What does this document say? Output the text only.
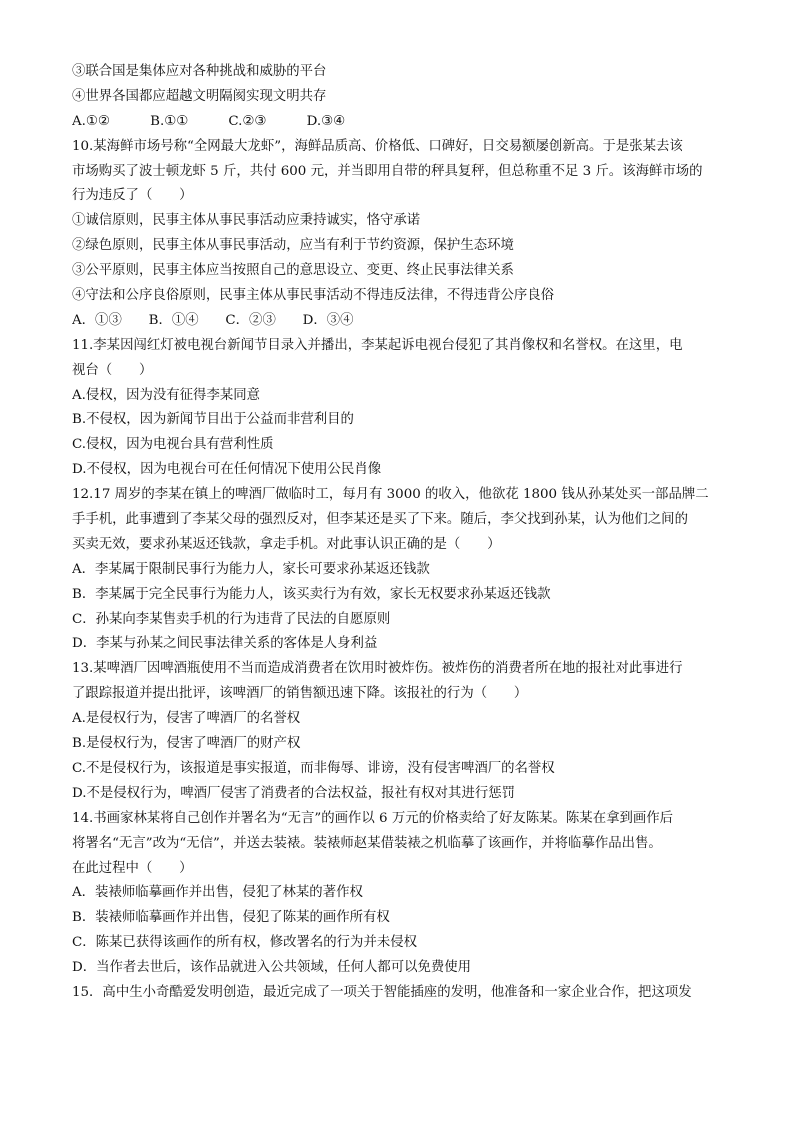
③联合国是集体应对各种挑战和威胁的平台
④世界各国都应超越文明隔阂实现文明共存
A.①②　　　B.①①　　　C.②③　　　D.③④
10.某海鲜市场号称“全网最大龙虾”，海鲜品质高、价格低、口碑好，日交易额屡创新高。于是张某去该
市场购买了波士顿龙虾 5 斤，共付 600 元，并当即用自带的秤具复秤，但总称重不足 3 斤。该海鲜市场的
行为违反了（　　）
①诚信原则，民事主体从事民事活动应秉持诚实，恪守承诺
②绿色原则，民事主体从事民事活动，应当有利于节约资源，保护生态环境
③公平原则，民事主体应当按照自己的意思设立、变更、终止民事法律关系
④守法和公序良俗原则，民事主体从事民事活动不得违反法律，不得违背公序良俗
A．①③　　B．①④　　C．②③　　D．③④
11.李某因闯红灯被电视台新闻节目录入并播出，李某起诉电视台侵犯了其肖像权和名誉权。在这里，电
视台（　　）
A.侵权，因为没有征得李某同意
B.不侵权，因为新闻节目出于公益而非营利目的
C.侵权，因为电视台具有营利性质
D.不侵权，因为电视台可在任何情况下使用公民肖像
12.17 周岁的李某在镇上的啤酒厂做临时工，每月有 3000 的收入，他欲花 1800 钱从孙某处买一部品牌二
手手机，此事遭到了李某父母的强烈反对，但李某还是买了下来。随后，李父找到孙某，认为他们之间的
买卖无效，要求孙某返还钱款，拿走手机。对此事认识正确的是（　　）
A．李某属于限制民事行为能力人，家长可要求孙某返还钱款
B．李某属于完全民事行为能力人，该买卖行为有效，家长无权要求孙某返还钱款
C．孙某向李某售卖手机的行为违背了民法的自愿原则
D．李某与孙某之间民事法律关系的客体是人身利益
13.某啤酒厂因啤酒瓶使用不当而造成消费者在饮用时被炸伤。被炸伤的消费者所在地的报社对此事进行
了跟踪报道并提出批评，该啤酒厂的销售额迅速下降。该报社的行为（　　）
A.是侵权行为，侵害了啤酒厂的名誉权
B.是侵权行为，侵害了啤酒厂的财产权
C.不是侵权行为，该报道是事实报道，而非侮辱、诽谤，没有侵害啤酒厂的名誉权
D.不是侵权行为，啤酒厂侵害了消费者的合法权益，报社有权对其进行惩罚
14.书画家林某将自己创作并署名为“无言”的画作以 6 万元的价格卖给了好友陈某。陈某在拿到画作后
将署名“无言”改为“无信”，并送去装裱。装裱师赵某借装裱之机临摹了该画作，并将临摹作品出售。
在此过程中（　　）
A．装裱师临摹画作并出售，侵犯了林某的著作权
B．装裱师临摹画作并出售，侵犯了陈某的画作所有权
C．陈某已获得该画作的所有权，修改署名的行为并未侵权
D．当作者去世后，该作品就进入公共领域，任何人都可以免费使用
15．高中生小奇酷爱发明创造，最近完成了一项关于智能插座的发明，他准备和一家企业合作，把这项发
